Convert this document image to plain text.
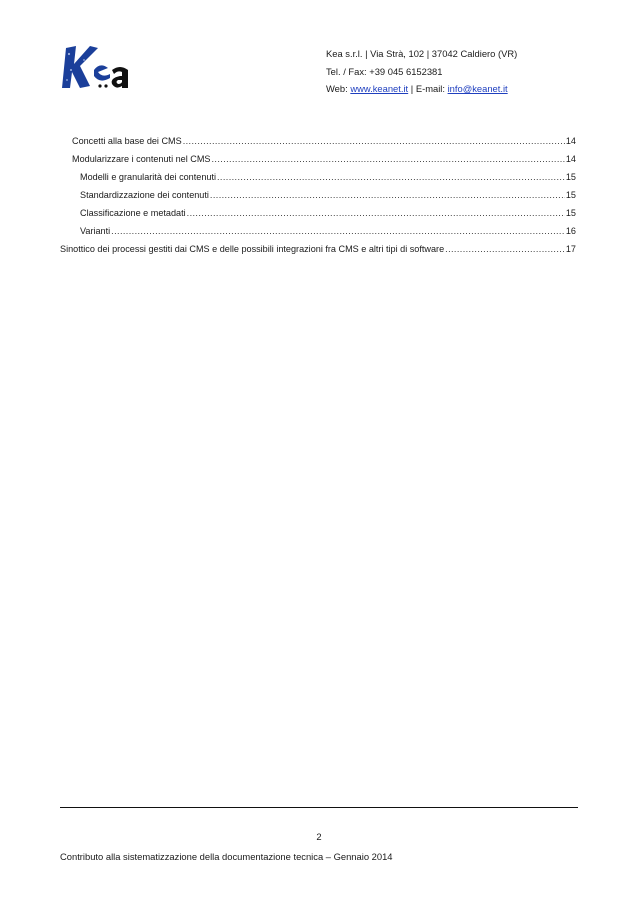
Kea s.r.l. | Via Strà, 102 | 37042 Caldiero (VR)
Tel. / Fax: +39 045 6152381
Web: www.keanet.it | E-mail: info@keanet.it
Concetti alla base dei CMS .....	14
Modularizzare i contenuti nel CMS .....	14
Modelli e granularità dei contenuti .....	15
Standardizzazione dei contenuti .....	15
Classificazione e metadati .....	15
Varianti .....	16
Sinottico dei processi gestiti dai CMS e delle possibili integrazioni fra CMS e altri tipi di software .....	17
2
Contributo alla sistematizzazione della documentazione tecnica – Gennaio 2014
